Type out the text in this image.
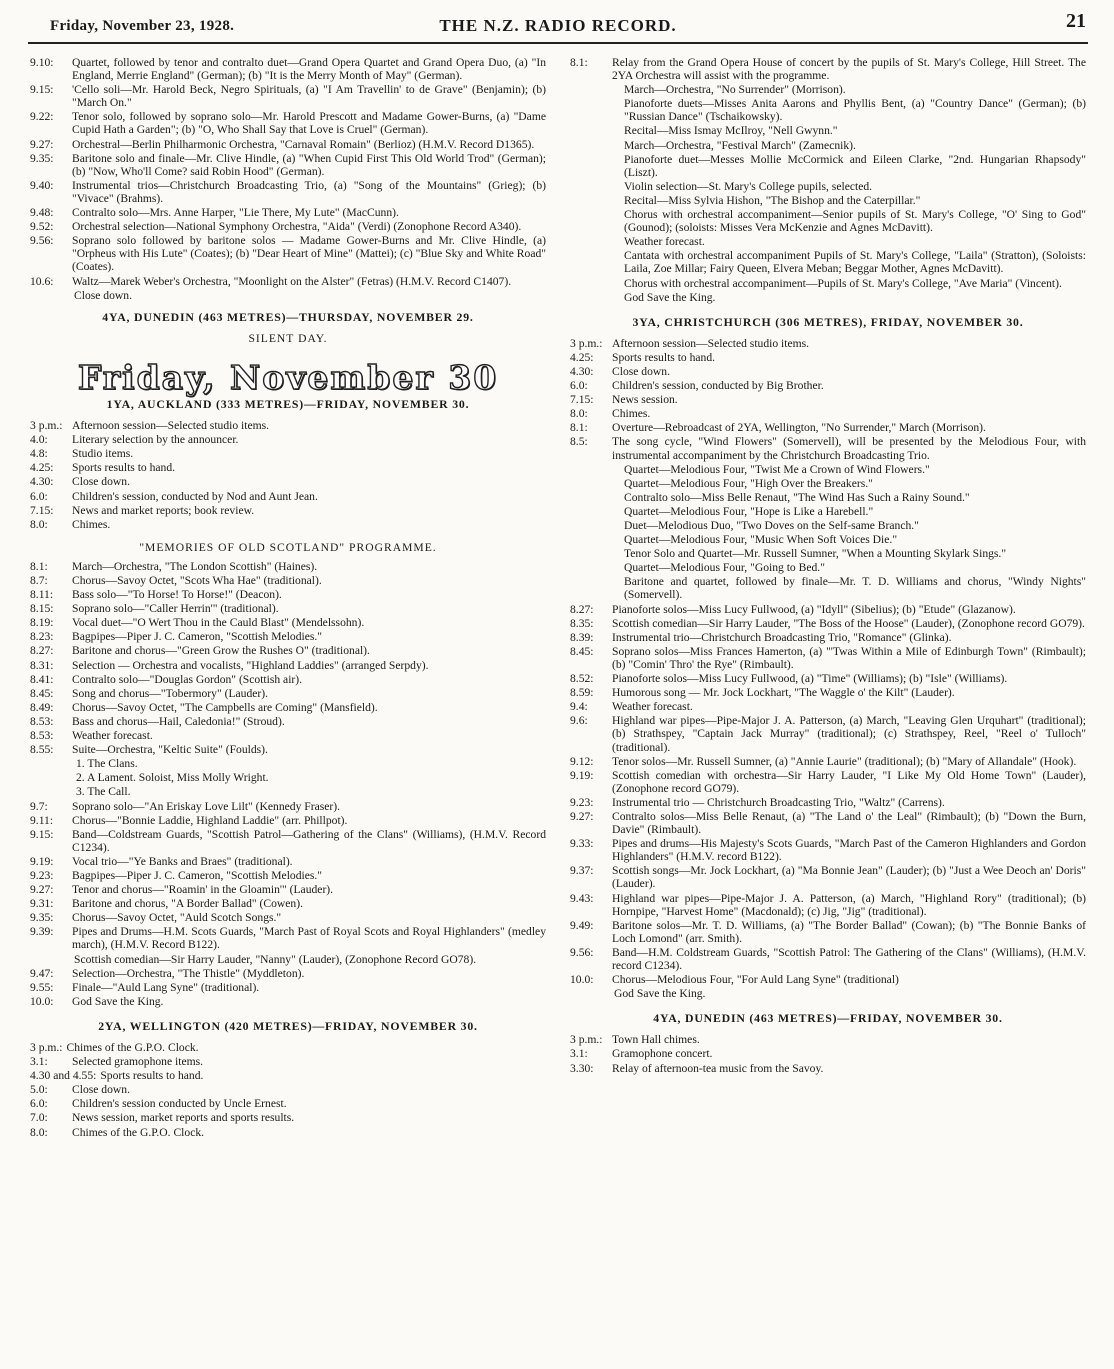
Friday, November 23, 1928.	THE N.Z. RADIO RECORD.	21
9.10: Quartet, followed by tenor and contralto duet—Grand Opera Quartet and Grand Opera Duo, (a) "In England, Merrie England" (German); (b) "It is the Merry Month of May" (German).
9.15: 'Cello soli—Mr. Harold Beck, Negro Spirituals, (a) "I Am Travellin' to de Grave" (Benjamin); (b) "March On."
9.22: Tenor solo, followed by soprano solo—Mr. Harold Prescott and Madame Gower-Burns, (a) "Dame Cupid Hath a Garden"; (b) "O, Who Shall Say that Love is Cruel" (German).
9.27: Orchestral—Berlin Philharmonic Orchestra, "Carnaval Romain" (Berlioz) (H.M.V. Record D1365).
9.35: Baritone solo and finale—Mr. Clive Hindle, (a) "When Cupid First This Old World Trod" (German); (b) "Now, Who'll Come? said Robin Hood" (German).
9.40: Instrumental trios—Christchurch Broadcasting Trio, (a) "Song of the Mountains" (Grieg); (b) "Vivace" (Brahms).
9.48: Contralto solo—Mrs. Anne Harper, "Lie There, My Lute" (MacCunn).
9.52: Orchestral selection—National Symphony Orchestra, "Aida" (Verdi) (Zonophone Record A340).
9.56: Soprano solo followed by baritone solos — Madame Gower-Burns and Mr. Clive Hindle, (a) "Orpheus with His Lute" (Coates); (b) "Dear Heart of Mine" (Mattei); (c) "Blue Sky and White Road" (Coates).
10.6: Waltz—Marek Weber's Orchestra, "Moonlight on the Alster" (Fetras) (H.M.V. Record C1407).
Close down.
4YA, DUNEDIN (463 METRES)—THURSDAY, NOVEMBER 29.
SILENT DAY.
Friday, November 30
1YA, AUCKLAND (333 METRES)—FRIDAY, NOVEMBER 30.
3 p.m.: Afternoon session—Selected studio items.
4.0: Literary selection by the announcer.
4.8: Studio items.
4.25: Sports results to hand.
4.30: Close down.
6.0: Children's session, conducted by Nod and Aunt Jean.
7.15: News and market reports; book review.
8.0: Chimes.
"MEMORIES OF OLD SCOTLAND" PROGRAMME.
8.1: March—Orchestra, "The London Scottish" (Haines).
8.7: Chorus—Savoy Octet, "Scots Wha Hae" (traditional).
8.11: Bass solo—"To Horse! To Horse!" (Deacon).
8.15: Soprano solo—"Caller Herrin'" (traditional).
8.19: Vocal duet—"O Wert Thou in the Cauld Blast" (Mendelssohn).
8.23: Bagpipes—Piper J. C. Cameron, "Scottish Melodies."
8.27: Baritone and chorus—"Green Grow the Rushes O" (traditional).
8.31: Selection — Orchestra and vocalists, "Highland Laddies" (arranged Serpdy).
8.41: Contralto solo—"Douglas Gordon" (Scottish air).
8.45: Song and chorus—"Tobermory" (Lauder).
8.49: Chorus—Savoy Octet, "The Campbells are Coming" (Mansfield).
8.53: Bass and chorus—Hail, Caledonia!" (Stroud).
8.53: Weather forecast.
8.55: Suite—Orchestra, "Keltic Suite" (Foulds).
1. The Clans.
2. A Lament. Soloist, Miss Molly Wright.
3. The Call.
9.7: Soprano solo—"An Eriskay Love Lilt" (Kennedy Fraser).
9.11: Chorus—"Bonnie Laddie, Highland Laddie" (arr. Phillpot).
9.15: Band—Coldstream Guards, "Scottish Patrol—Gathering of the Clans" (Williams), (H.M.V. Record C1234).
9.19: Vocal trio—"Ye Banks and Braes" (traditional).
9.23: Bagpipes—Piper J. C. Cameron, "Scottish Melodies."
9.27: Tenor and chorus—"Roamin' in the Gloamin'" (Lauder).
9.31: Baritone and chorus, "A Border Ballad" (Cowen).
9.35: Chorus—Savoy Octet, "Auld Scotch Songs."
9.39: Pipes and Drums—H.M. Scots Guards, "March Past of Royal Scots and Royal Highlanders" (medley march), (H.M.V. Record B122).
Scottish comedian—Sir Harry Lauder, "Nanny" (Lauder), (Zonophone Record GO78).
9.47: Selection—Orchestra, "The Thistle" (Myddleton).
9.55: Finale—"Auld Lang Syne" (traditional).
10.0: God Save the King.
2YA, WELLINGTON (420 METRES)—FRIDAY, NOVEMBER 30.
3 p.m.: Chimes of the G.P.O. Clock.
3.1: Selected gramophone items.
4.30 and 4.55: Sports results to hand.
5.0: Close down.
6.0: Children's session conducted by Uncle Ernest.
7.0: News session, market reports and sports results.
8.0: Chimes of the G.P.O. Clock.
8.1: Relay from the Grand Opera House of concert by the pupils of St. Mary's College, Hill Street. The 2YA Orchestra will assist with the programme.
March—Orchestra, "No Surrender" (Morrison).
Pianoforte duets—Misses Anita Aarons and Phyllis Bent, (a) "Country Dance" (German); (b) "Russian Dance" (Tschaikowsky).
Recital—Miss Ismay McIlroy, "Nell Gwynn."
March—Orchestra, "Festival March" (Zamecnik).
Pianoforte duet—Messes Mollie McCormick and Eileen Clarke, "2nd. Hungarian Rhapsody" (Liszt).
Violin selection—St. Mary's College pupils, selected.
Recital—Miss Sylvia Hishon, "The Bishop and the Caterpillar."
Chorus with orchestral accompaniment—Senior pupils of St. Mary's College, "O' Sing to God" (Gounod); (soloists: Misses Vera McKenzie and Agnes McDavitt).
Weather forecast.
Cantata with orchestral accompaniment Pupils of St. Mary's College, "Laila" (Stratton), (Soloists: Laila, Zoe Millar; Fairy Queen, Elvera Meban; Beggar Mother, Agnes McDavitt).
Chorus with orchestral accompaniment—Pupils of St. Mary's College, "Ave Maria" (Vincent).
God Save the King.
3YA, CHRISTCHURCH (306 METRES), FRIDAY, NOVEMBER 30.
3 p.m.: Afternoon session—Selected studio items.
4.25: Sports results to hand.
4.30: Close down.
6.0: Children's session, conducted by Big Brother.
7.15: News session.
8.0: Chimes.
8.1: Overture—Rebroadcast of 2YA, Wellington, "No Surrender," March (Morrison).
8.5: The song cycle, "Wind Flowers" (Somervell), will be presented by the Melodious Four, with instrumental accompaniment by the Christchurch Broadcasting Trio.
Quartet—Melodious Four, "Twist Me a Crown of Wind Flowers."
Quartet—Melodious Four, "High Over the Breakers."
Contralto solo—Miss Belle Renaut, "The Wind Has Such a Rainy Sound."
Quartet—Melodious Four, "Hope is Like a Harebell."
Duet—Melodious Duo, "Two Doves on the Self-same Branch."
Quartet—Melodious Four, "Music When Soft Voices Die."
Tenor Solo and Quartet—Mr. Russell Sumner, "When a Mounting Skylark Sings."
Quartet—Melodious Four, "Going to Bed."
Baritone and quartet, followed by finale—Mr. T. D. Williams and chorus, "Windy Nights" (Somervell).
8.27: Pianoforte solos—Miss Lucy Fullwood, (a) "Idyll" (Sibelius); (b) "Etude" (Glazanow).
8.35: Scottish comedian—Sir Harry Lauder, "The Boss of the Hoose" (Lauder), (Zonophone record GO79).
8.39: Instrumental trio—Christchurch Broadcasting Trio, "Romance" (Glinka).
8.45: Soprano solos—Miss Frances Hamerton, (a) "'Twas Within a Mile of Edinburgh Town" (Rimbault); (b) "Comin' Thro' the Rye" (Rimbault).
8.52: Pianoforte solos—Miss Lucy Fullwood, (a) "Time" (Williams); (b) "Isle" (Williams).
8.59: Humorous song — Mr. Jock Lockhart, "The Waggle o' the Kilt" (Lauder).
9.4: Weather forecast.
9.6: Highland war pipes—Pipe-Major J. A. Patterson, (a) March, "Leaving Glen Urquhart" (traditional); (b) Strathspey, "Captain Jack Murray" (traditional); (c) Strathspey, Reel, "Reel o' Tulloch" (traditional).
9.12: Tenor solos—Mr. Russell Sumner, (a) "Annie Laurie" (traditional); (b) "Mary of Allandale" (Hook).
9.19: Scottish comedian with orchestra—Sir Harry Lauder, "I Like My Old Home Town" (Lauder), (Zonophone record GO79).
9.23: Instrumental trio — Christchurch Broadcasting Trio, "Waltz" (Carrens).
9.27: Contralto solos—Miss Belle Renaut, (a) "The Land o' the Leal" (Rimbault); (b) "Down the Burn, Davie" (Rimbault).
9.33: Pipes and drums—His Majesty's Scots Guards, "March Past of the Cameron Highlanders and Gordon Highlanders" (H.M.V. record B122).
9.37: Scottish songs—Mr. Jock Lockhart, (a) "Ma Bonnie Jean" (Lauder); (b) "Just a Wee Deoch an' Doris" (Lauder).
9.43: Highland war pipes—Pipe-Major J. A. Patterson, (a) March, "Highland Rory" (traditional); (b) Hornpipe, "Harvest Home" (Macdonald); (c) Jig, "Jig" (traditional).
9.49: Baritone solos—Mr. T. D. Williams, (a) "The Border Ballad" (Cowan); (b) "The Bonnie Banks of Loch Lomond" (arr. Smith).
9.56: Band—H.M. Coldstream Guards, "Scottish Patrol: The Gathering of the Clans" (Williams), (H.M.V. record C1234).
10.0: Chorus—Melodious Four, "For Auld Lang Syne" (traditional)
God Save the King.
4YA, DUNEDIN (463 METRES)—FRIDAY, NOVEMBER 30.
3 p.m.: Town Hall chimes.
3.1: Gramophone concert.
3.30: Relay of afternoon-tea music from the Savoy.
